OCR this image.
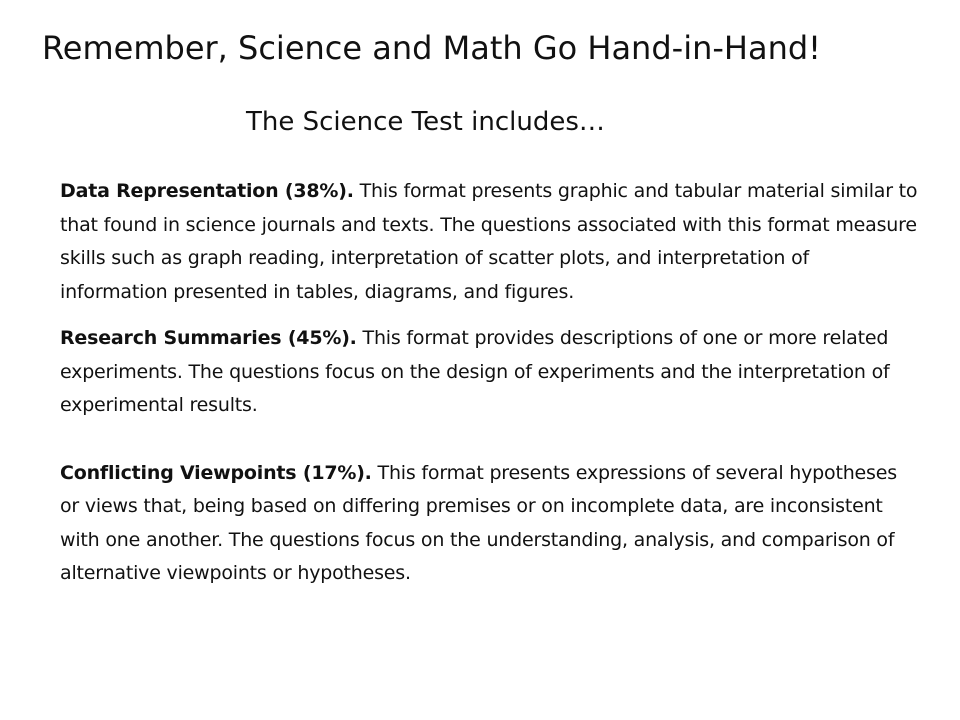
Remember, Science and Math Go Hand-in-Hand!
The Science Test includes…

Data Representation (38%). This format presents graphic and tabular material similar to that found in science journals and texts. The questions associated with this format measure skills such as graph reading, interpretation of scatter plots, and interpretation of information presented in tables, diagrams, and figures.

Research Summaries (45%). This format provides descriptions of one or more related experiments. The questions focus on the design of experiments and the interpretation of experimental results.

Conflicting Viewpoints (17%). This format presents expressions of several hypotheses or views that, being based on differing premises or on incomplete data, are inconsistent with one another. The questions focus on the understanding, analysis, and comparison of alternative viewpoints or hypotheses.
